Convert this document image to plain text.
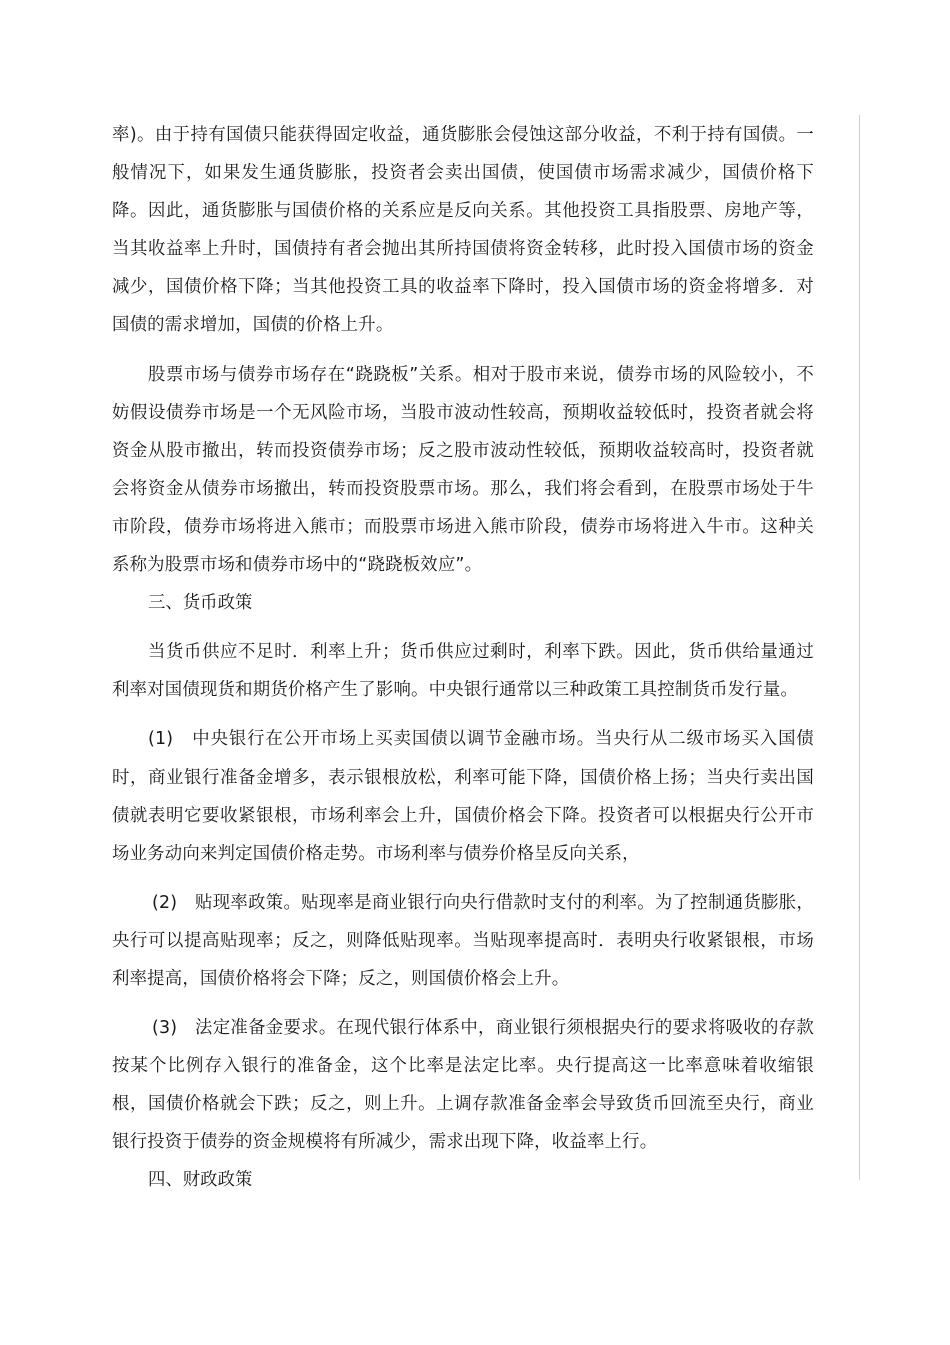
率)。由于持有国债只能获得固定收益，通货膨胀会侵蚀这部分收益，不利于持有国债。一般情况下，如果发生通货膨胀，投资者会卖出国债，使国债市场需求减少，国债价格下降。因此，通货膨胀与国债价格的关系应是反向关系。其他投资工具指股票、房地产等，当其收益率上升时，国债持有者会抛出其所持国债将资金转移，此时投入国债市场的资金减少，国债价格下降；当其他投资工具的收益率下降时，投入国债市场的资金将增多．对国债的需求增加，国债的价格上升。

股票市场与债券市场存在“跷跷板”关系。相对于股市来说，债券市场的风险较小，不妨假设债券市场是一个无风险市场，当股市波动性较高，预期收益较低时，投资者就会将资金从股市撤出，转而投资债券市场；反之股市波动性较低，预期收益较高时，投资者就会将资金从债券市场撤出，转而投资股票市场。那么，我们将会看到，在股票市场处于牛市阶段，债券市场将进入熊市；而股票市场进入熊市阶段，债券市场将进入牛市。这种关系称为股票市场和债券市场中的“跷跷板效应”。

三、货币政策

当货币供应不足时．利率上升；货币供应过剩时，利率下跌。因此，货币供给量通过利率对国债现货和期货价格产生了影响。中央银行通常以三种政策工具控制货币发行量。

(1)　中央银行在公开市场上买卖国债以调节金融市场。当央行从二级市场买入国债时，商业银行准备金增多，表示银根放松，利率可能下降，国债价格上扬；当央行卖出国债就表明它要收紧银根，市场利率会上升，国债价格会下降。投资者可以根据央行公开市场业务动向来判定国债价格走势。市场利率与债券价格呈反向关系，

(2)　贴现率政策。贴现率是商业银行向央行借款时支付的利率。为了控制通货膨胀，央行可以提高贴现率；反之，则降低贴现率。当贴现率提高时．表明央行收紧银根，市场利率提高，国债价格将会下降；反之，则国债价格会上升。

(3)　法定准备金要求。在现代银行体系中，商业银行须根据央行的要求将吸收的存款按某个比例存入银行的准备金，这个比率是法定比率。央行提高这一比率意味着收缩银根，国债价格就会下跌；反之，则上升。上调存款准备金率会导致货币回流至央行，商业银行投资于债券的资金规模将有所减少，需求出现下降，收益率上行。

四、财政政策
